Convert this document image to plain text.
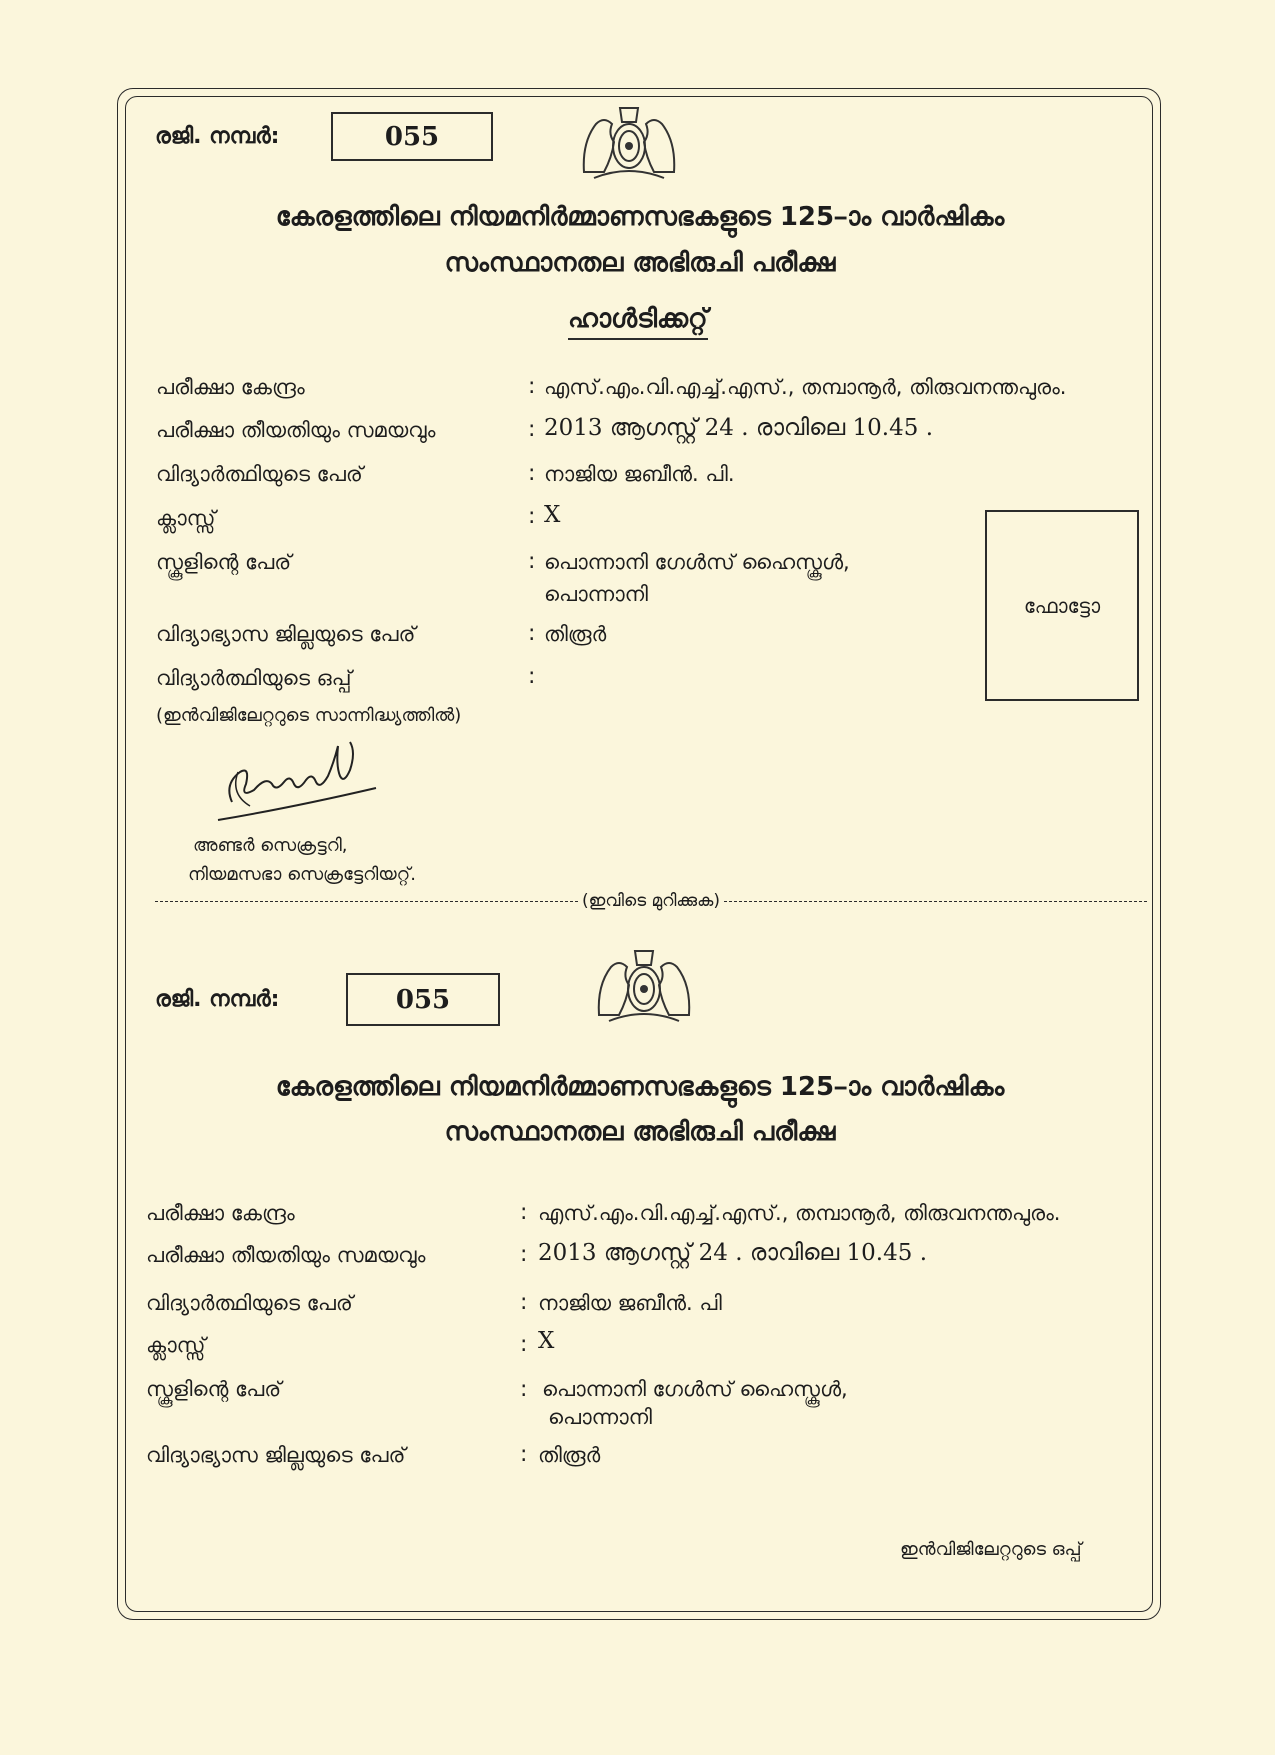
രജി. നമ്പർ:	055
കേരളത്തിലെ നിയമനിർമ്മാണസഭകളുടെ 125–ാം വാർഷികം
സംസ്ഥാനതല അഭിരുചി പരീക്ഷ
ഹാൾടിക്കറ്റ്
പരീക്ഷാ കേന്ദ്രം	: എസ്.എം.വി.എച്ച്.എസ്., തമ്പാനൂർ, തിരുവനന്തപുരം.
പരീക്ഷാ തീയതിയും സമയവും	: 2013 ആഗസ്റ്റ് 24 . രാവിലെ 10.45 .
വിദ്യാർത്ഥിയുടെ പേര്	: നാജിയ ജബീൻ. പി.
ക്ലാസ്സ്	: X
സ്കൂളിന്റെ പേര്	: പൊന്നാനി ഗേൾസ് ഹൈസ്കൂൾ,
പൊന്നാനി
വിദ്യാഭ്യാസ ജില്ലയുടെ പേര്	: തിരൂർ
വിദ്യാർത്ഥിയുടെ ഒപ്പ്	:
(ഇൻവിജിലേറ്ററുടെ സാന്നിദ്ധ്യത്തിൽ)
ഫോട്ടോ
അണ്ടർ സെക്രട്ടറി,
നിയമസഭാ സെക്രട്ടേറിയറ്റ്.
(ഇവിടെ മുറിക്കുക)
രജി. നമ്പർ:	055
കേരളത്തിലെ നിയമനിർമ്മാണസഭകളുടെ 125–ാം വാർഷികം
സംസ്ഥാനതല അഭിരുചി പരീക്ഷ
പരീക്ഷാ കേന്ദ്രം	: എസ്.എം.വി.എച്ച്.എസ്., തമ്പാനൂർ, തിരുവനന്തപുരം.
പരീക്ഷാ തീയതിയും സമയവും	: 2013 ആഗസ്റ്റ് 24 . രാവിലെ 10.45 .
വിദ്യാർത്ഥിയുടെ പേര്	: നാജിയ ജബീൻ. പി
ക്ലാസ്സ്	: X
സ്കൂളിന്റെ പേര്	: പൊന്നാനി ഗേൾസ് ഹൈസ്കൂൾ,
പൊന്നാനി
വിദ്യാഭ്യാസ ജില്ലയുടെ പേര്	: തിരൂർ
ഇൻവിജിലേറ്ററുടെ ഒപ്പ്
